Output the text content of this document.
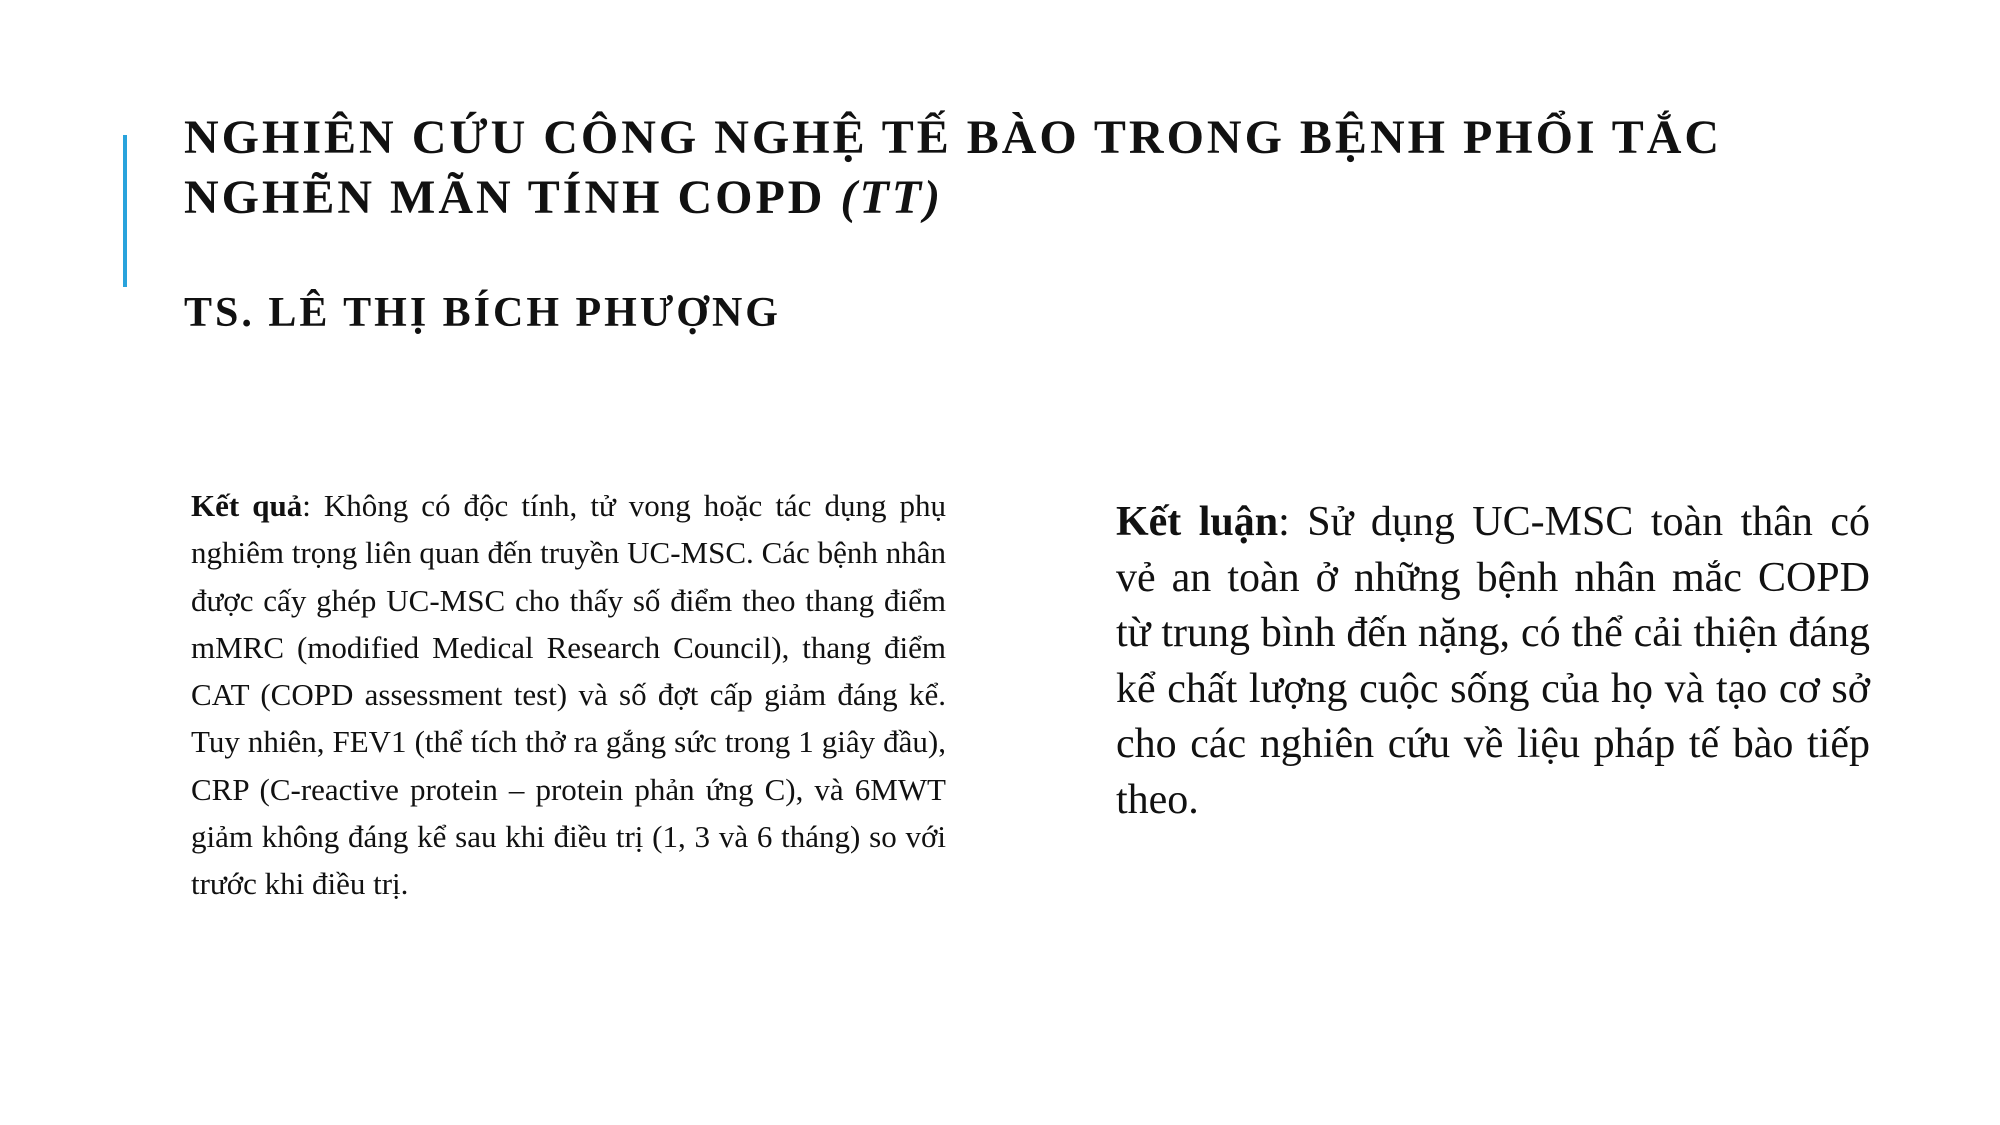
NGHIÊN CỨU CÔNG NGHỆ TẾ BÀO TRONG BỆNH PHỔI TẮC NGHẼN MÃN TÍNH COPD (TT)
TS. LÊ THỊ BÍCH PHƯỢNG

Kết quả: Không có độc tính, tử vong hoặc tác dụng phụ nghiêm trọng liên quan đến truyền UC-MSC. Các bệnh nhân được cấy ghép UC-MSC cho thấy số điểm theo thang điểm mMRC (modified Medical Research Council), thang điểm CAT (COPD assessment test) và số đợt cấp giảm đáng kể. Tuy nhiên, FEV1 (thể tích thở ra gắng sức trong 1 giây đầu), CRP (C-reactive protein – protein phản ứng C), và 6MWT giảm không đáng kể sau khi điều trị (1, 3 và 6 tháng) so với trước khi điều trị.

Kết luận: Sử dụng UC-MSC toàn thân có vẻ an toàn ở những bệnh nhân mắc COPD từ trung bình đến nặng, có thể cải thiện đáng kể chất lượng cuộc sống của họ và tạo cơ sở cho các nghiên cứu về liệu pháp tế bào tiếp theo.
